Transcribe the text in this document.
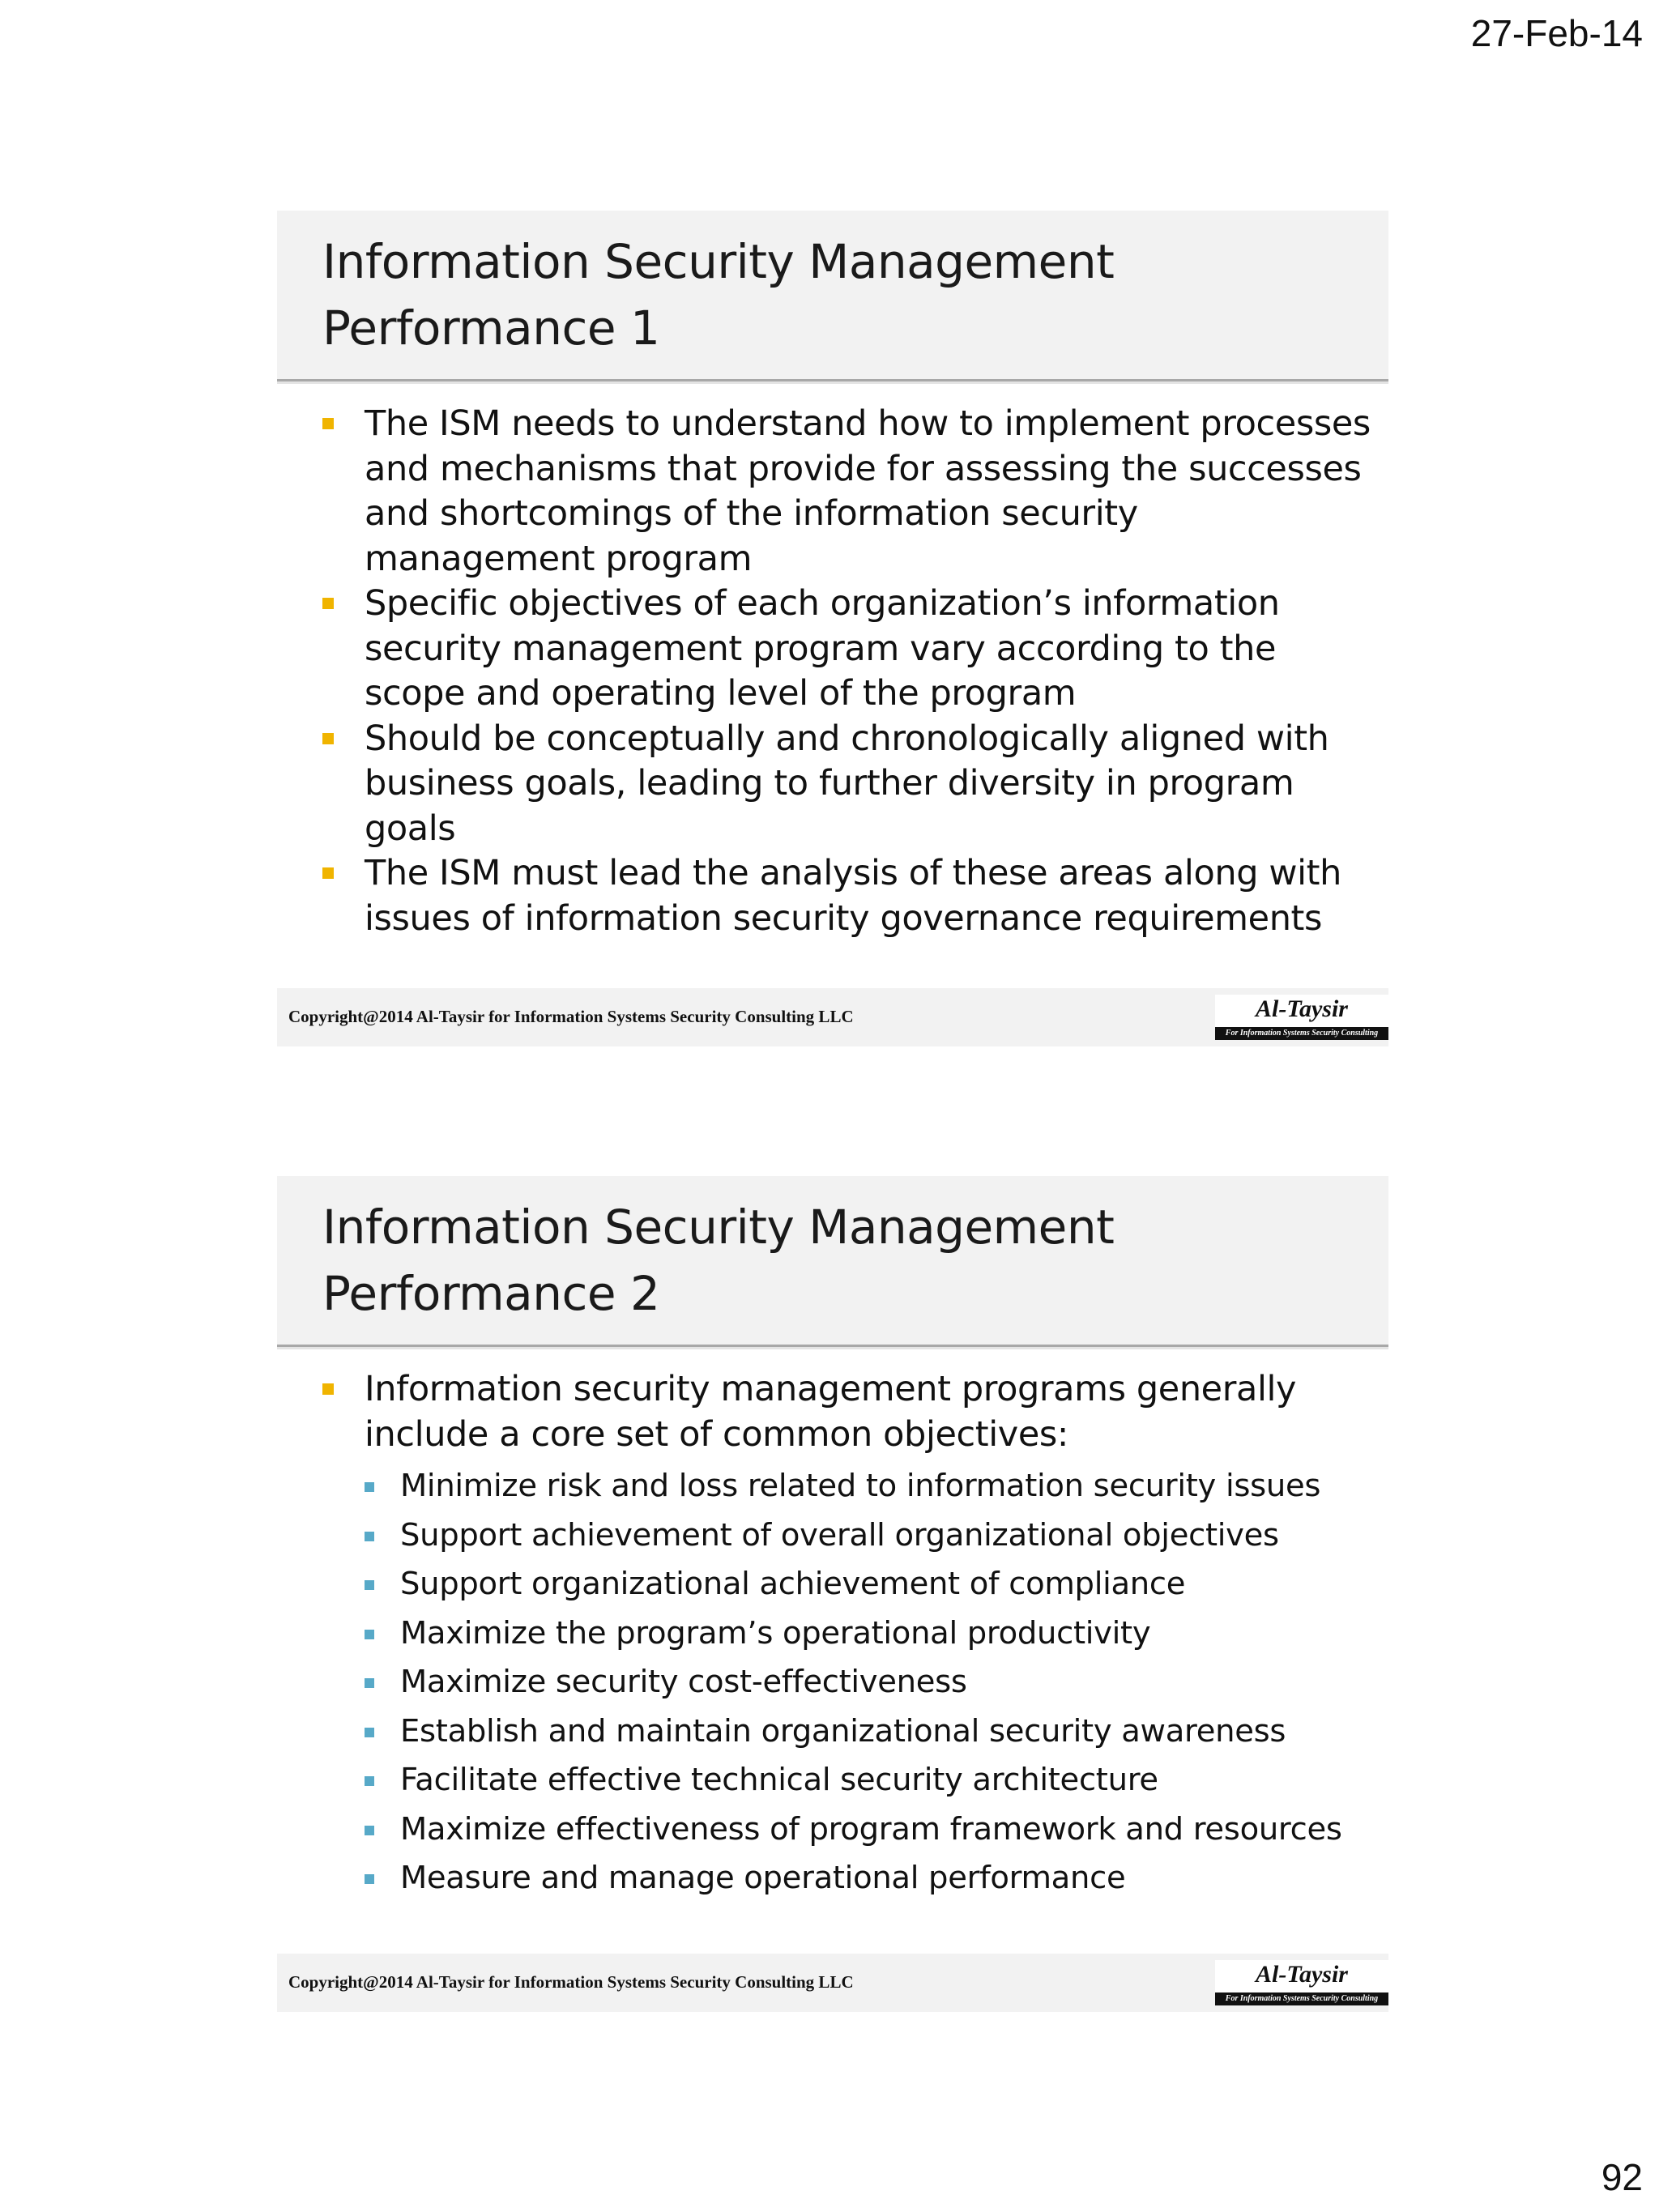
27-Feb-14
Information Security Management
Performance 1
The ISM needs to understand how to implement processes and mechanisms that provide for assessing the successes and shortcomings of the information security management program
Specific objectives of each organization’s information security management program vary according to the scope and operating level of the program
Should be conceptually and chronologically aligned with business goals, leading to further diversity in program goals
The ISM must lead the analysis of these areas along with issues of information security governance requirements
Copyright@2014 Al-Taysir for Information Systems Security Consulting LLC	Al-Taysir
For Information Systems Security Consulting
Information Security Management
Performance 2
Information security management programs generally include a core set of common objectives:
Minimize risk and loss related to information security issues
Support achievement of overall organizational objectives
Support organizational achievement of compliance
Maximize the program’s operational productivity
Maximize security cost-effectiveness
Establish and maintain organizational security awareness
Facilitate effective technical security architecture
Maximize effectiveness of program framework and resources
Measure and manage operational performance
Copyright@2014 Al-Taysir for Information Systems Security Consulting LLC	Al-Taysir
For Information Systems Security Consulting
92
